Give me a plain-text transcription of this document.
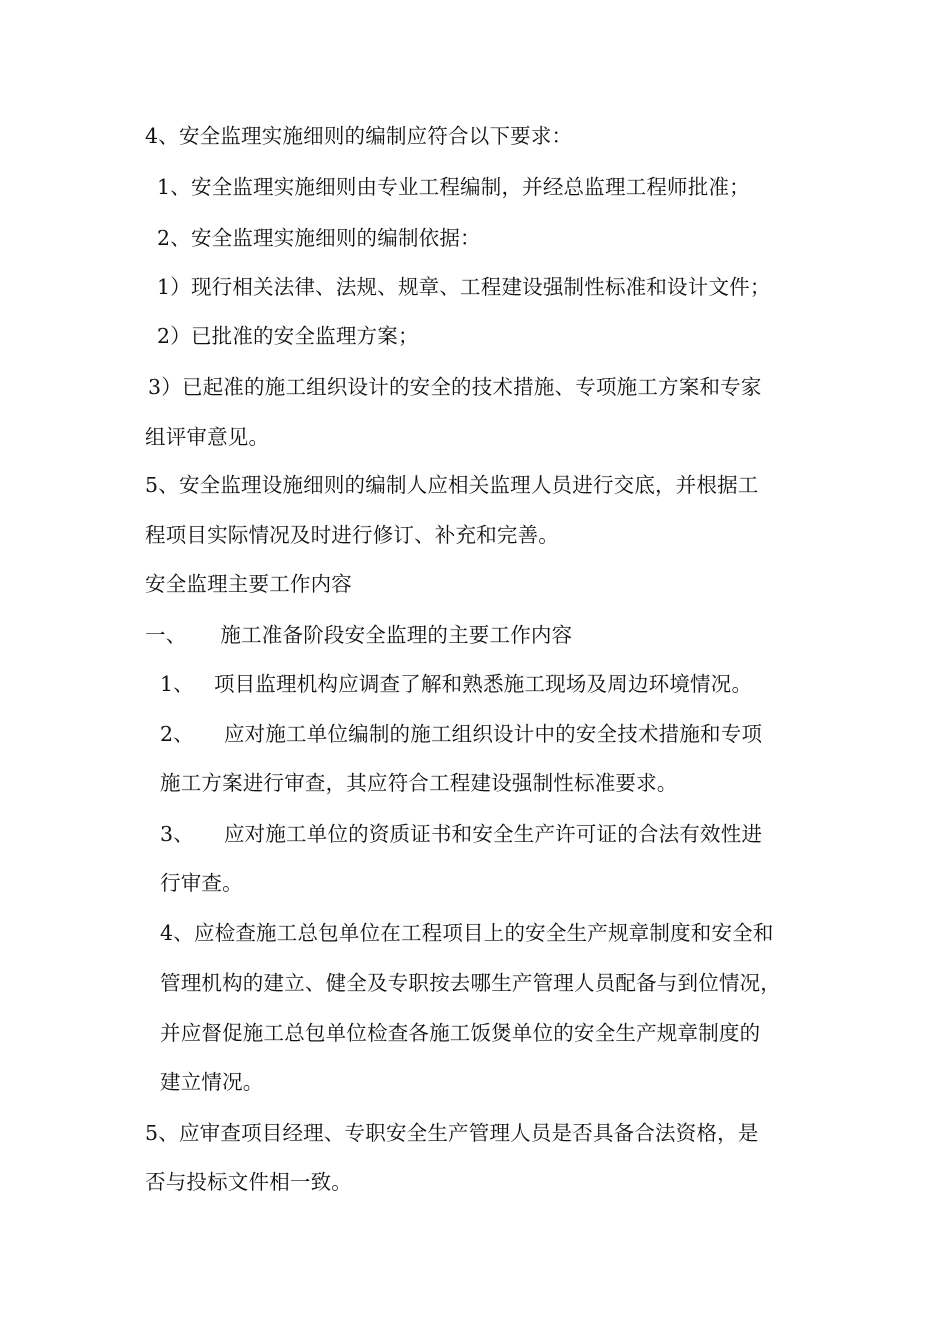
4、安全监理实施细则的编制应符合以下要求：
1、安全监理实施细则由专业工程编制，并经总监理工程师批准；
2、安全监理实施细则的编制依据：
1）现行相关法律、法规、规章、工程建设强制性标准和设计文件；
2）已批准的安全监理方案；
3）已起准的施工组织设计的安全的技术措施、专项施工方案和专家
组评审意见。
5、安全监理设施细则的编制人应相关监理人员进行交底，并根据工
程项目实际情况及时进行修订、补充和完善。
安全监理主要工作内容
一、 施工准备阶段安全监理的主要工作内容
1、 项目监理机构应调查了解和熟悉施工现场及周边环境情况。
2、 应对施工单位编制的施工组织设计中的安全技术措施和专项
施工方案进行审查，其应符合工程建设强制性标准要求。
3、 应对施工单位的资质证书和安全生产许可证的合法有效性进
行审查。
4、应检查施工总包单位在工程项目上的安全生产规章制度和安全和
管理机构的建立、健全及专职按去哪生产管理人员配备与到位情况，
并应督促施工总包单位检查各施工饭煲单位的安全生产规章制度的
建立情况。
5、应审查项目经理、专职安全生产管理人员是否具备合法资格，是
否与投标文件相一致。
